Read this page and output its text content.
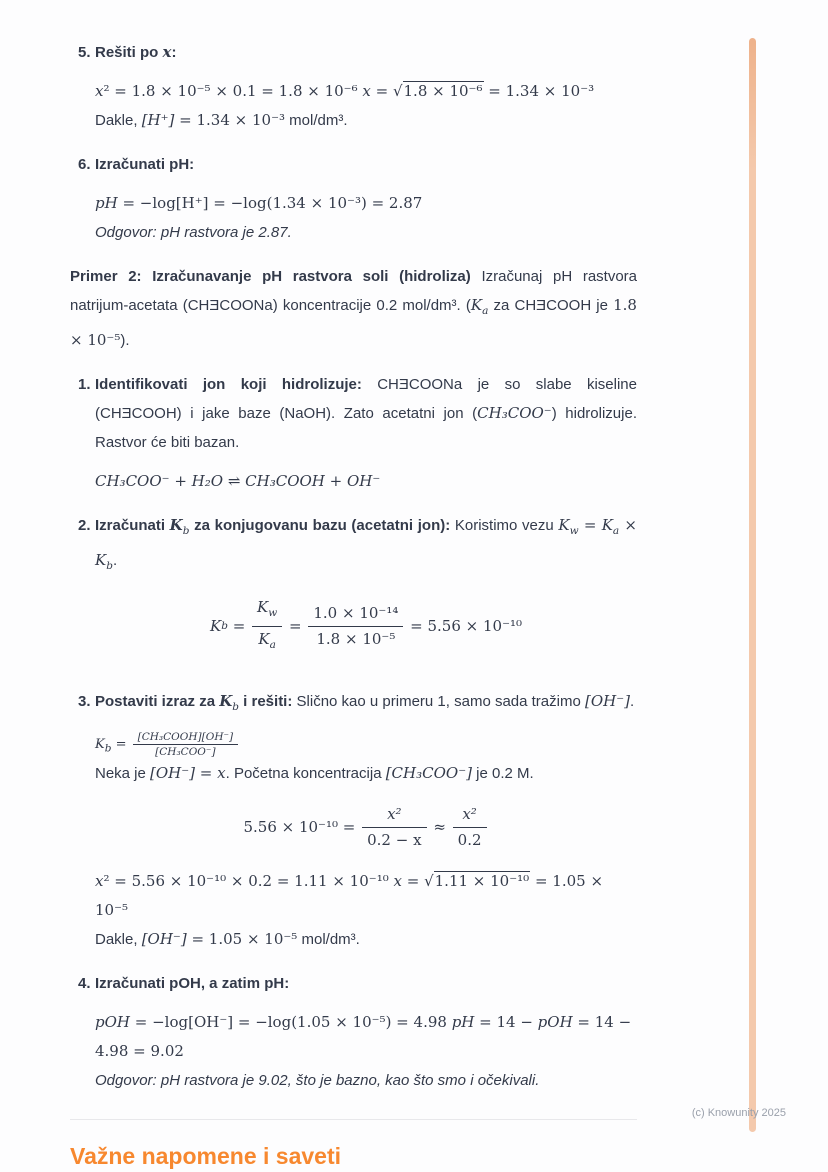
5. Rešiti po x:
x² = 1.8 × 10⁻⁵ × 0.1 = 1.8 × 10⁻⁶ x = √1.8 × 10⁻⁶ = 1.34 × 10⁻³
Dakle, [H⁺] = 1.34 × 10⁻³ mol/dm³.
6. Izračunati pH:
pH = −log[H⁺] = −log(1.34 × 10⁻³) = 2.87
Odgovor: pH rastvora je 2.87.
Primer 2: Izračunavanje pH rastvora soli (hidroliza) Izračunaj pH rastvora natrijum-acetata (CHƎCOONa) koncentracije 0.2 mol/dm³. ($K_a$ za CHƎCOOH je 1.8 × 10⁻⁵).
1. Identifikovati jon koji hidrolizuje: CHƎCOONa je so slabe kiseline (CHƎCOOH) i jake baze (NaOH). Zato acetatni jon (CH₃COO⁻) hidrolizuje. Rastvor će biti bazan.
CH₃COO⁻ + H₂O ⇌ CH₃COOH + OH⁻
2. Izračunati $K_b$ za konjugovanu bazu (acetatni jon): Koristimo vezu $K_w = K_a \times K_b$.
$Kb = \frac{K_w}{K_a} = \frac{\text{1.0 × 10⁻¹⁴}}{\text{1.8 × 10⁻⁵}} = 5.56 \times 10^{-10}$
3. Postaviti izraz za $K_b$ i rešiti: Slično kao u primeru 1, samo sada tražimo [OH⁻].
$K_b = \frac{\text{[CH₃COOH][OH⁻]}}{\text{[CH₃COO⁻]}}$
Neka je [OH⁻] = x. Početna koncentracija [CH₃COO⁻] je 0.2 M.
$5.56 \times 10^{-10} = \frac{\text{x²}}{0.2 - x} \approx \frac{\text{x²}}{0.2}$
x² = 5.56 × 10⁻¹⁰ × 0.2 = 1.11 × 10⁻¹⁰ x = √1.11 × 10⁻¹⁰ = 1.05 × 10⁻⁵
Dakle, [OH⁻] = 1.05 × 10⁻⁵ mol/dm³.
4. Izračunati pOH, a zatim pH:
pOH = −log[OH⁻] = −log(1.05 × 10⁻⁵) = 4.98 pH = 14 − pOH = 14 − 4.98 = 9.02
Odgovor: pH rastvora je 9.02, što je bazno, kao što smo i očekivali.
Važne napomene i saveti
(c) Knowunity 2025
